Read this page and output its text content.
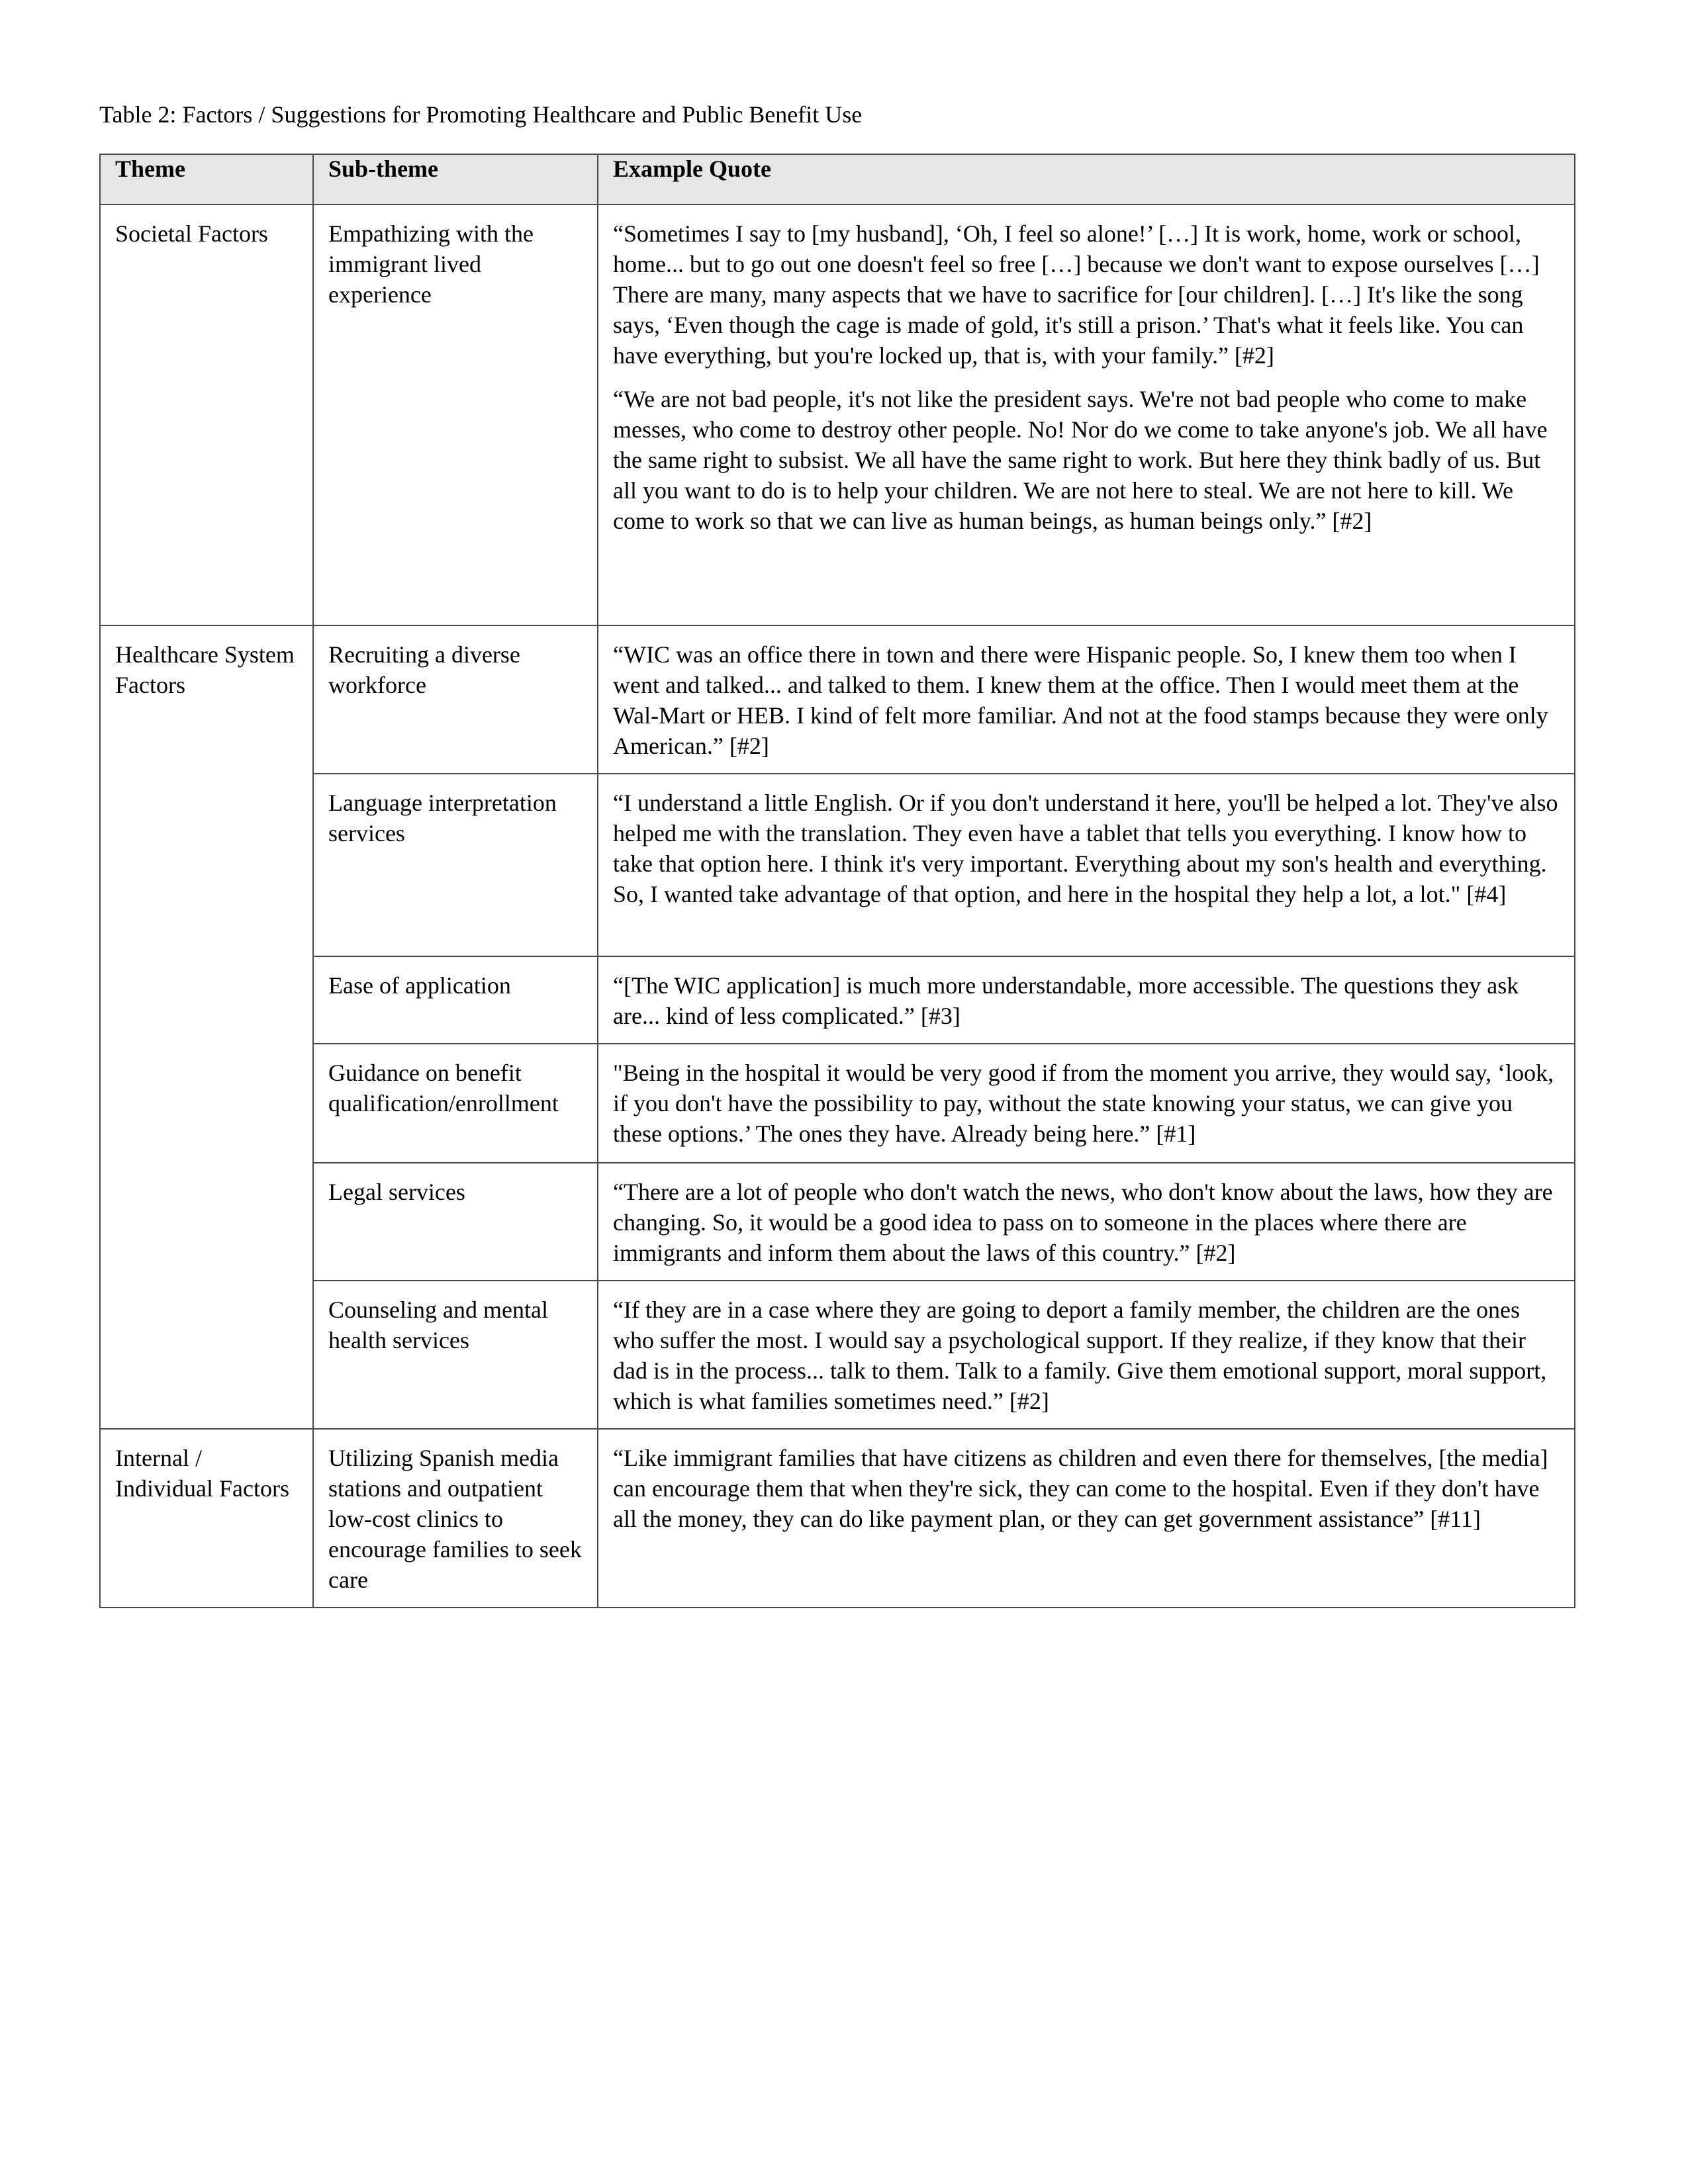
Table 2: Factors / Suggestions for Promoting Healthcare and Public Benefit Use
Theme	Sub-theme	Example Quote

Societal Factors	Empathizing with the immigrant lived experience	“Sometimes I say to [my husband], ‘Oh, I feel so alone!’ […] It is work, home, work or school, home... but to go out one doesn't feel so free […] because we don't want to expose ourselves […] There are many, many aspects that we have to sacrifice for [our children]. […] It's like the song says, ‘Even though the cage is made of gold, it's still a prison.’ That's what it feels like. You can have everything, but you're locked up, that is, with your family.” [#2]

“We are not bad people, it's not like the president says. We're not bad people who come to make messes, who come to destroy other people. No! Nor do we come to take anyone's job. We all have the same right to subsist. We all have the same right to work. But here they think badly of us. But all you want to do is to help your children. We are not here to steal. We are not here to kill. We come to work so that we can live as human beings, as human beings only.” [#2]

Healthcare System Factors	Recruiting a diverse workforce	“WIC was an office there in town and there were Hispanic people. So, I knew them too when I went and talked... and talked to them. I knew them at the office. Then I would meet them at the Wal-Mart or HEB. I kind of felt more familiar. And not at the food stamps because they were only American.” [#2]

	Language interpretation services	“I understand a little English. Or if you don't understand it here, you'll be helped a lot. They've also helped me with the translation. They even have a tablet that tells you everything. I know how to take that option here. I think it's very important. Everything about my son's health and everything. So, I wanted take advantage of that option, and here in the hospital they help a lot, a lot." [#4]

	Ease of application	“[The WIC application] is much more understandable, more accessible. The questions they ask are... kind of less complicated.” [#3]

	Guidance on benefit qualification/enrollment	"Being in the hospital it would be very good if from the moment you arrive, they would say, ‘look, if you don't have the possibility to pay, without the state knowing your status, we can give you these options.’ The ones they have. Already being here.” [#1]

	Legal services	“There are a lot of people who don't watch the news, who don't know about the laws, how they are changing. So, it would be a good idea to pass on to someone in the places where there are immigrants and inform them about the laws of this country.” [#2]

	Counseling and mental health services	“If they are in a case where they are going to deport a family member, the children are the ones who suffer the most. I would say a psychological support. If they realize, if they know that their dad is in the process... talk to them. Talk to a family. Give them emotional support, moral support, which is what families sometimes need.” [#2]

Internal / Individual Factors	Utilizing Spanish media stations and outpatient low-cost clinics to encourage families to seek care	“Like immigrant families that have citizens as children and even there for themselves, [the media] can encourage them that when they're sick, they can come to the hospital. Even if they don't have all the money, they can do like payment plan, or they can get government assistance” [#11]
